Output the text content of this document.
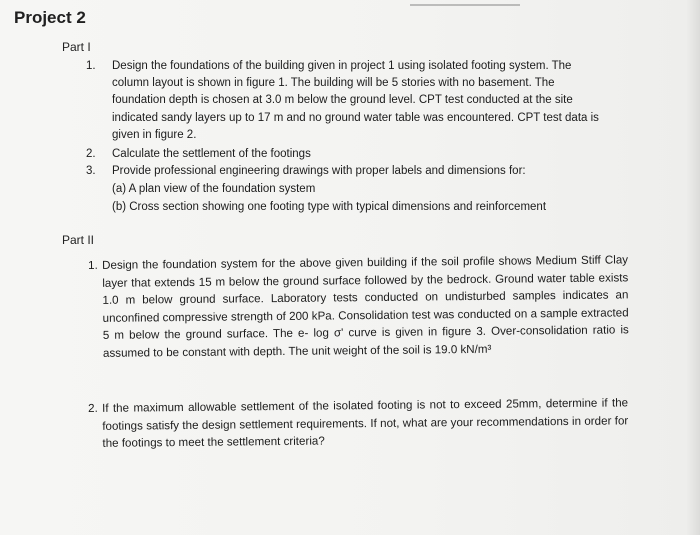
Project 2
Part I
1. Design the foundations of the building given in project 1 using isolated footing system. The column layout is shown in figure 1. The building will be 5 stories with no basement. The foundation depth is chosen at 3.0 m below the ground level. CPT test conducted at the site indicated sandy layers up to 17 m and no ground water table was encountered. CPT test data is given in figure 2.
2. Calculate the settlement of the footings
3. Provide professional engineering drawings with proper labels and dimensions for:
(a) A plan view of the foundation system
(b) Cross section showing one footing type with typical dimensions and reinforcement
Part II
1. Design the foundation system for the above given building if the soil profile shows Medium Stiff Clay layer that extends 15 m below the ground surface followed by the bedrock. Ground water table exists 1.0 m below ground surface. Laboratory tests conducted on undisturbed samples indicates an unconfined compressive strength of 200 kPa. Consolidation test was conducted on a sample extracted 5 m below the ground surface. The e- log σ' curve is given in figure 3. Over-consolidation ratio is assumed to be constant with depth. The unit weight of the soil is 19.0 kN/m³
2. If the maximum allowable settlement of the isolated footing is not to exceed 25mm, determine if the footings satisfy the design settlement requirements. If not, what are your recommendations in order for the footings to meet the settlement criteria?
